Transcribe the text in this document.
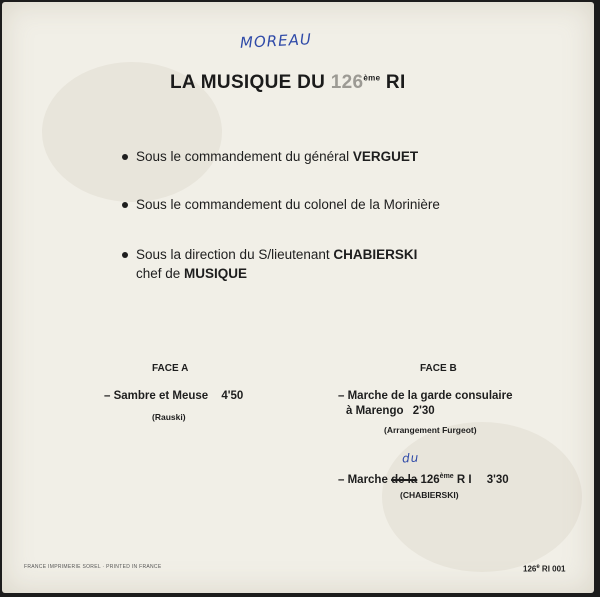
MOREAU
LA MUSIQUE DU 126ème RI
Sous le commandement du général VERGUET
Sous le commandement du colonel de la Morinière
Sous la direction du S/lieutenant CHABIERSKI
chef de MUSIQUE
FACE A
– Sambre et Meuse 4'50
(Rauski)
FACE B
– Marche de la garde consulaire
à Marengo 2'30
(Arrangement Furgeot)
du
– Marche de la 126ème R I 3'30
(CHABIERSKI)
FRANCE IMPRIMERIE SOREL · PRINTED IN FRANCE	126e RI 001
